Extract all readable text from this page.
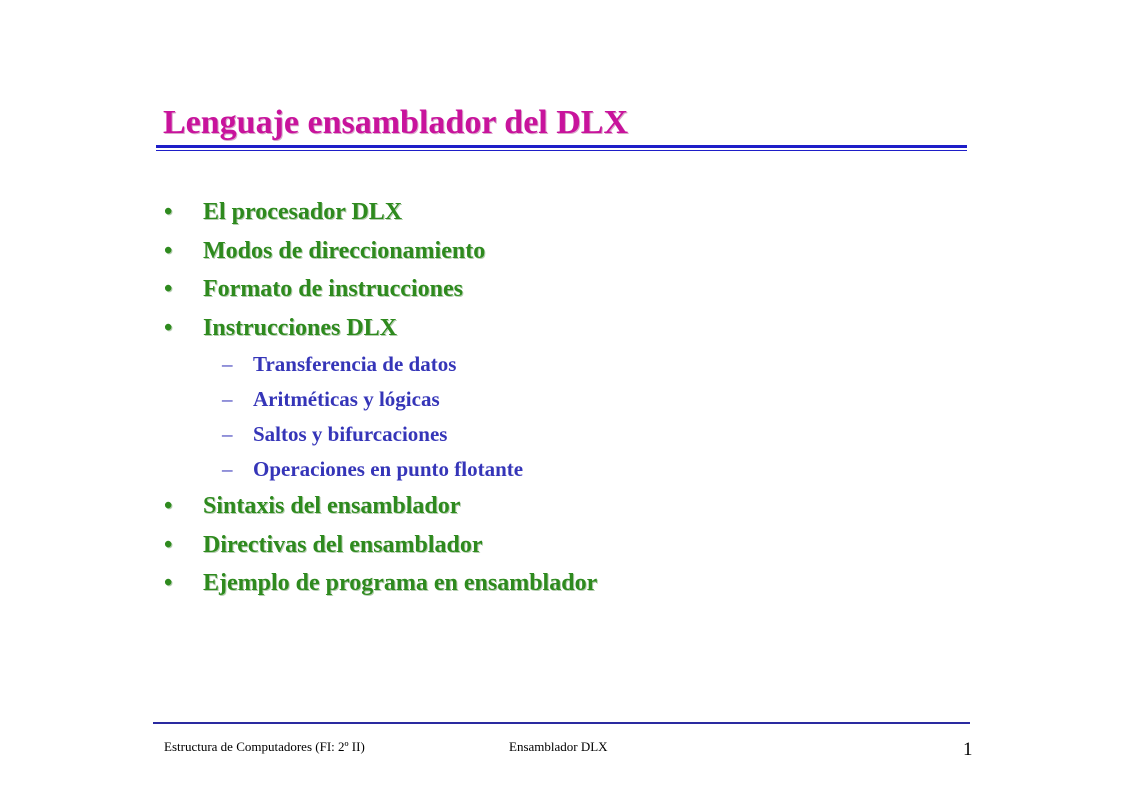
Lenguaje ensamblador del DLX
• El procesador DLX
• Modos de direccionamiento
• Formato de instrucciones
• Instrucciones DLX
– Transferencia de datos
– Aritméticas y lógicas
– Saltos y bifurcaciones
– Operaciones en punto flotante
• Sintaxis del ensamblador
• Directivas del ensamblador
• Ejemplo de programa en ensamblador
Estructura de Computadores (FI: 2º II)	Ensamblador DLX	1
